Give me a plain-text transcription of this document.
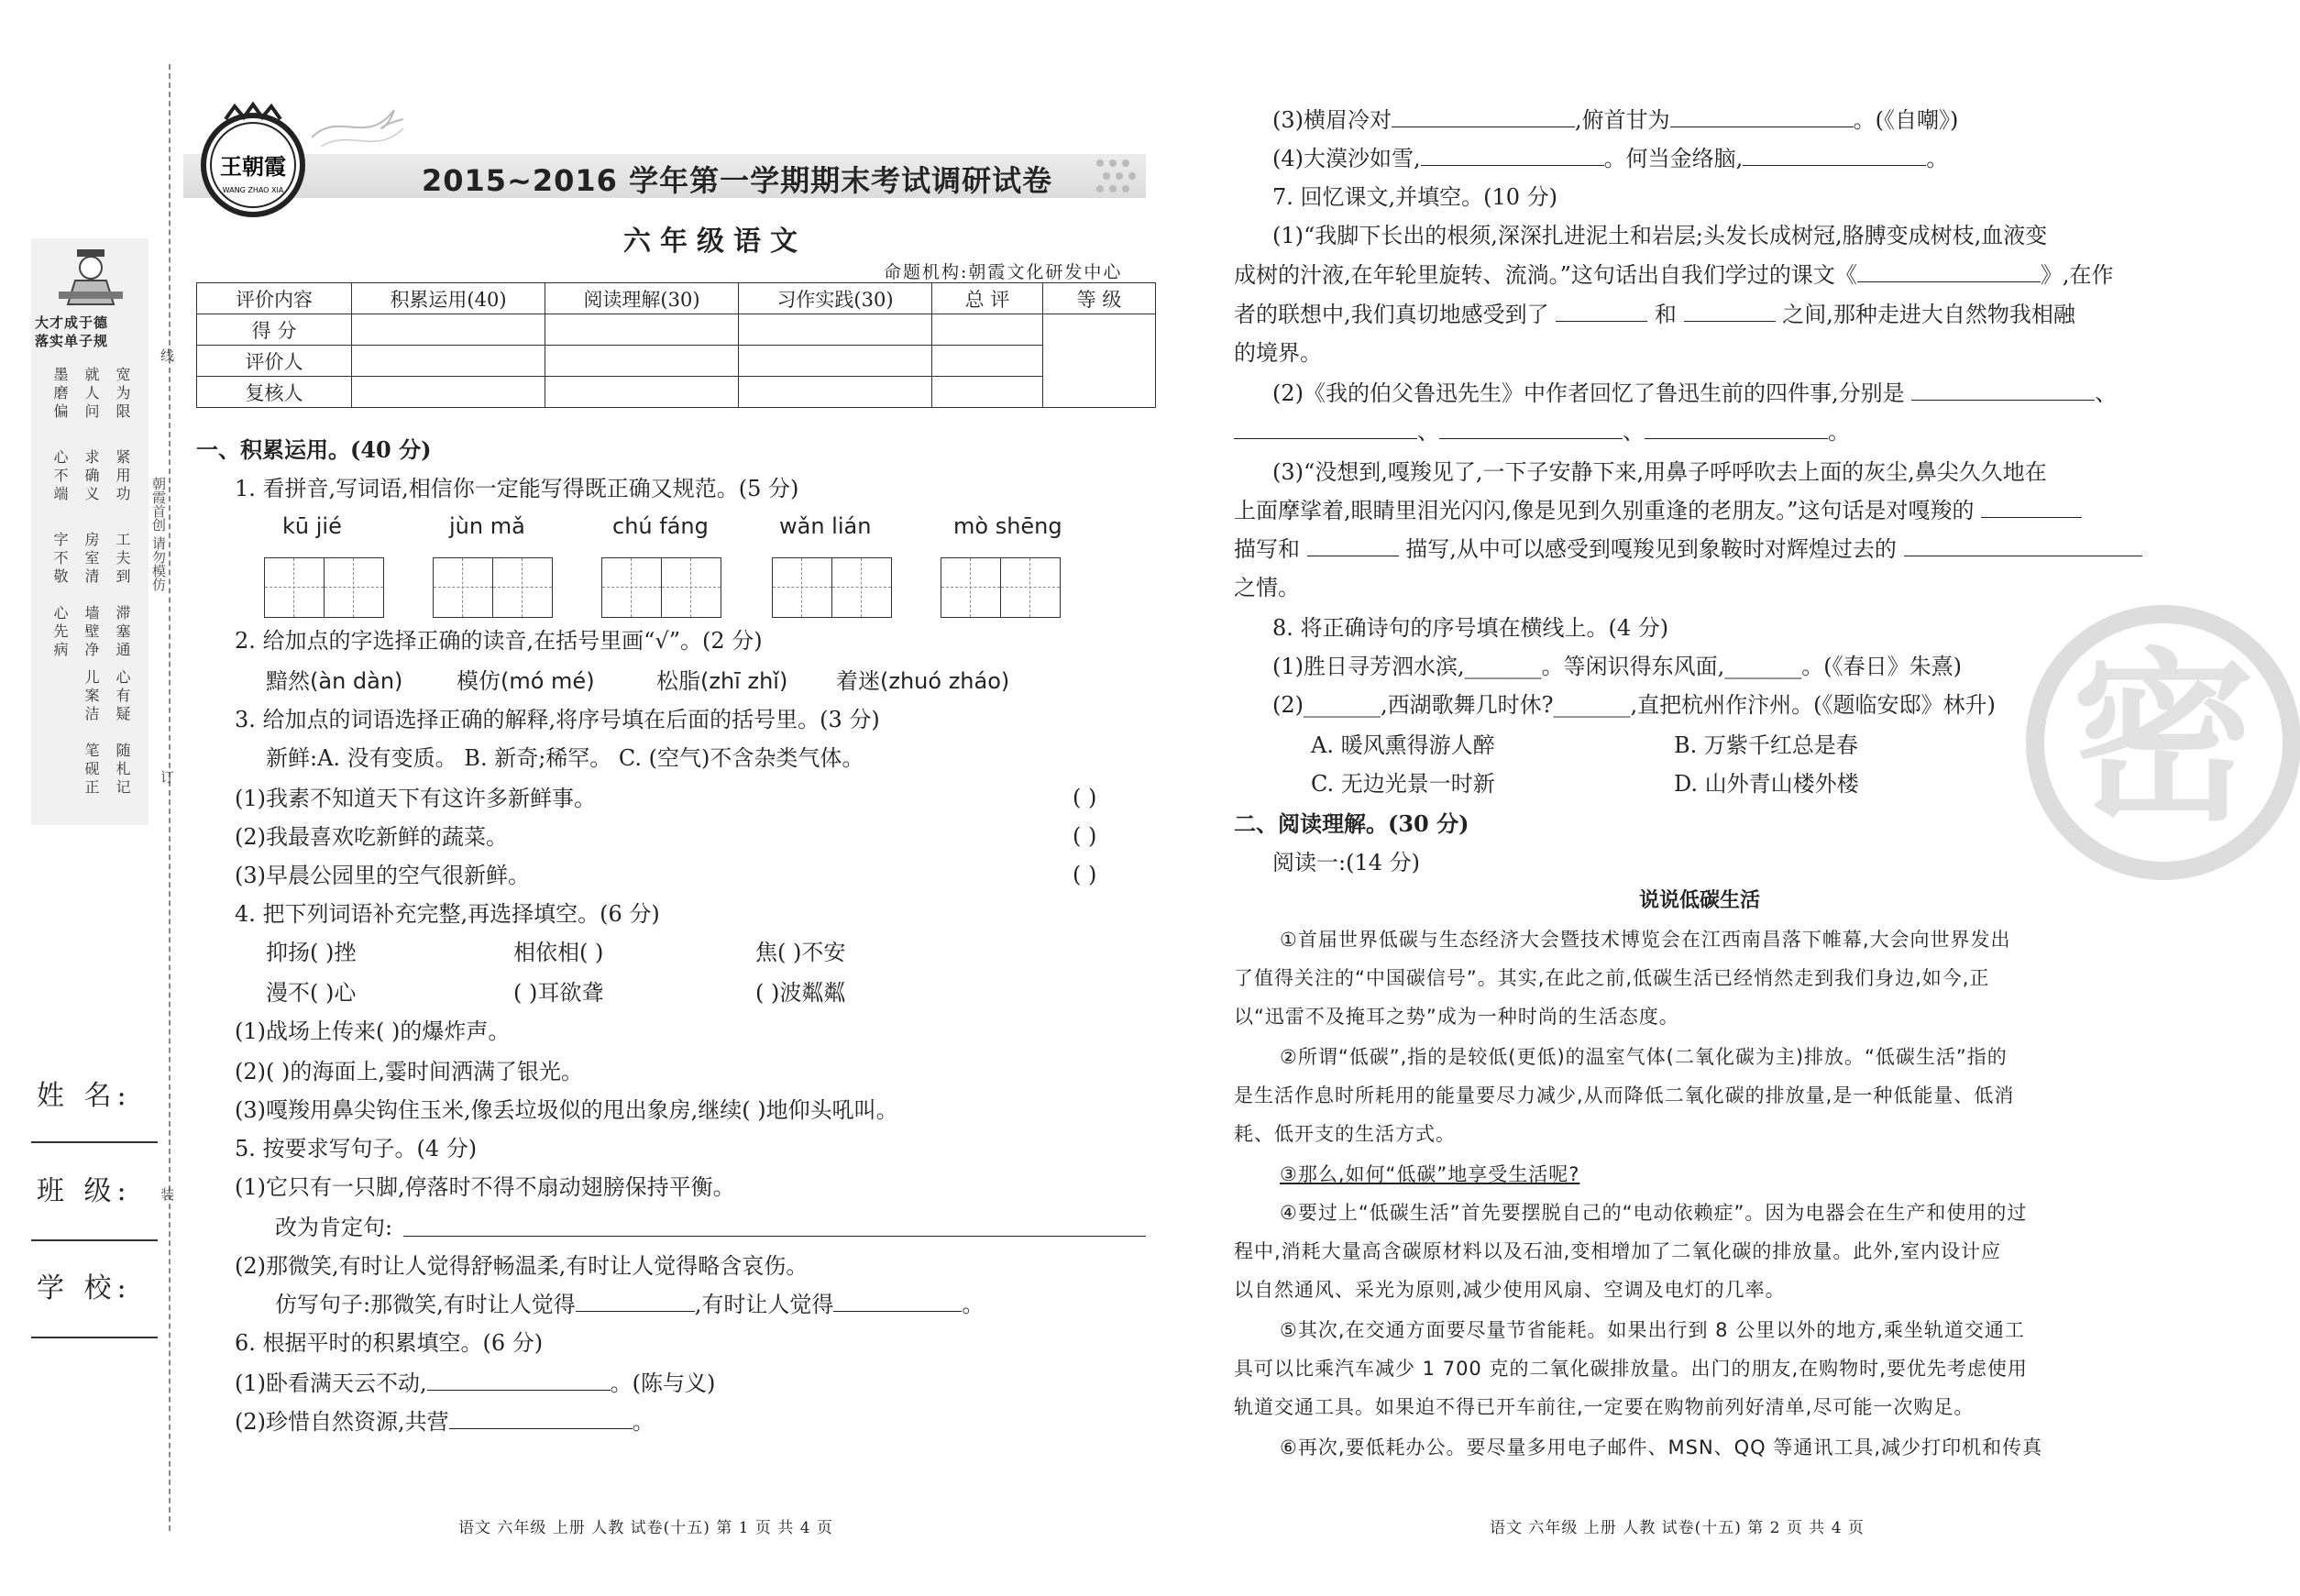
线
朝霞首创 请勿模仿
订
装
大才成于德
落实单子规
宽为限
紧用功
工夫到
滞塞通
心有疑
随札记
就人问
求确义
房室清
墙壁净
儿案洁
笔砚正
墨磨偏
心不端
字不敬
心先病
姓 名:
班 级:
学 校:
王朝霞
WANG ZHAO XIA	2015~2016 学年第一学期期末考试调研试卷
六年级语文
命题机构:朝霞文化研发中心
评价内容	积累运用(40)	阅读理解(30)	习作实践(30)	总 评	等 级
得 分					
评价人					
复核人					
一、积累运用。(40 分)
1. 看拼音,写词语,相信你一定能写得既正确又规范。(5 分)
kū jié	jùn mǎ	chú fáng	wǎn lián	mò shēng
2. 给加点的字选择正确的读音,在括号里画“√”。(2 分)
黯然(àn dàn) 模仿(mó mé)	松脂(zhī zhǐ) 着迷(zhuó zháo)
3. 给加点的词语选择正确的解释,将序号填在后面的括号里。(3 分)
新鲜:A. 没有变质。 B. 新奇;稀罕。 C. (空气)不含杂类气体。
(1)我素不知道天下有这许多新鲜事。	( )
(2)我最喜欢吃新鲜的蔬菜。	( )
(3)早晨公园里的空气很新鲜。	( )
4. 把下列词语补充完整,再选择填空。(6 分)
抑扬( )挫	相依相( )	焦( )不安
漫不( )心	( )耳欲聋	( )波粼粼
(1)战场上传来( )的爆炸声。
(2)( )的海面上,霎时间洒满了银光。
(3)嘎羧用鼻尖钩住玉米,像丢垃圾似的甩出象房,继续( )地仰头吼叫。
5. 按要求写句子。(4 分)
(1)它只有一只脚,停落时不得不扇动翅膀保持平衡。
改为肯定句:
(2)那微笑,有时让人觉得舒畅温柔,有时让人觉得略含哀伤。
仿写句子:那微笑,有时让人觉得	,有时让人觉得	。
6. 根据平时的积累填空。(6 分)
(1)卧看满天云不动,	。(陈与义)
(2)珍惜自然资源,共营	。
语文 六年级 上册 人教 试卷(十五) 第 1 页 共 4 页
密
(3)横眉冷对	,俯首甘为	。(《自嘲》)
(4)大漠沙如雪,	。何当金络脑,	。
7. 回忆课文,并填空。(10 分)
(1)“我脚下长出的根须,深深扎进泥土和岩层;头发长成树冠,胳膊变成树枝,血液变
成树的汁液,在年轮里旋转、流淌。”这句话出自我们学过的课文《	》,在作
者的联想中,我们真切地感受到了	和	之间,那种走进大自然物我相融
的境界。
(2)《我的伯父鲁迅先生》中作者回忆了鲁迅生前的四件事,分别是	、
、	、	。
(3)“没想到,嘎羧见了,一下子安静下来,用鼻子呼呼吹去上面的灰尘,鼻尖久久地在
上面摩挲着,眼睛里泪光闪闪,像是见到久别重逢的老朋友。”这句话是对嘎羧的
描写和	描写,从中可以感受到嘎羧见到象鞍时对辉煌过去的
之情。
8. 将正确诗句的序号填在横线上。(4 分)
(1)胜日寻芳泗水滨,_______。等闲识得东风面,_______。(《春日》朱熹)
(2)_______,西湖歌舞几时休?_______,直把杭州作汴州。(《题临安邸》林升)
A. 暖风熏得游人醉	B. 万紫千红总是春
C. 无边光景一时新	D. 山外青山楼外楼
二、阅读理解。(30 分)
阅读一:(14 分)
说说低碳生活
①首届世界低碳与生态经济大会暨技术博览会在江西南昌落下帷幕,大会向世界发出
了值得关注的“中国碳信号”。其实,在此之前,低碳生活已经悄然走到我们身边,如今,正
以“迅雷不及掩耳之势”成为一种时尚的生活态度。
②所谓“低碳”,指的是较低(更低)的温室气体(二氧化碳为主)排放。“低碳生活”指的
是生活作息时所耗用的能量要尽力减少,从而降低二氧化碳的排放量,是一种低能量、低消
耗、低开支的生活方式。
③那么,如何“低碳”地享受生活呢?
④要过上“低碳生活”首先要摆脱自己的“电动依赖症”。因为电器会在生产和使用的过
程中,消耗大量高含碳原材料以及石油,变相增加了二氧化碳的排放量。此外,室内设计应
以自然通风、采光为原则,减少使用风扇、空调及电灯的几率。
⑤其次,在交通方面要尽量节省能耗。如果出行到 8 公里以外的地方,乘坐轨道交通工
具可以比乘汽车减少 1 700 克的二氧化碳排放量。出门的朋友,在购物时,要优先考虑使用
轨道交通工具。如果迫不得已开车前往,一定要在购物前列好清单,尽可能一次购足。
⑥再次,要低耗办公。要尽量多用电子邮件、MSN、QQ 等通讯工具,减少打印机和传真
语文 六年级 上册 人教 试卷(十五) 第 2 页 共 4 页
